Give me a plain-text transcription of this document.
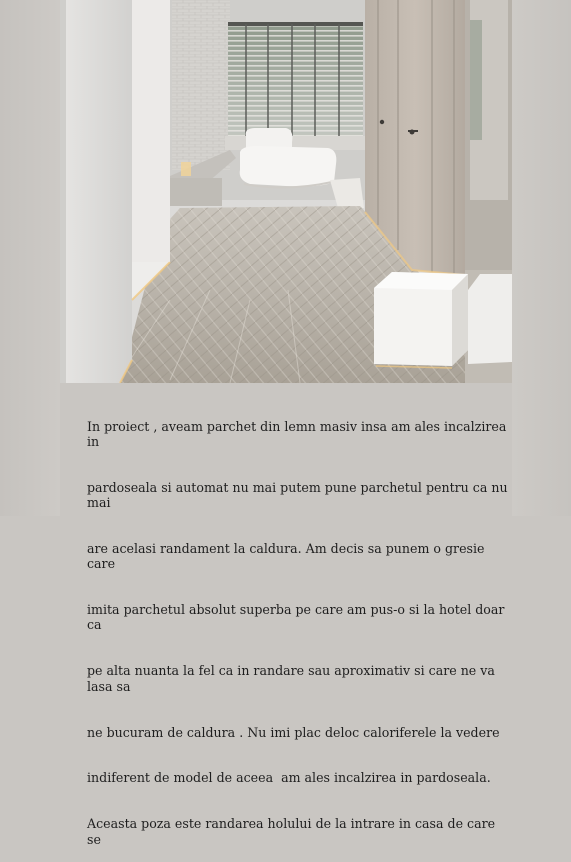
In proiect , aveam parchet din lemn masiv insa am ales incalzirea in

pardoseala si automat nu mai putem pune parchetul pentru ca nu mai

are acelasi randament la caldura. Am decis sa punem o gresie care

imita parchetul absolut superba pe care am pus-o si la hotel doar ca

pe alta nuanta la fel ca in randare sau aproximativ si care ne va lasa sa

ne bucuram de caldura . Nu imi plac deloc caloriferele la vedere

indiferent de model de aceea  am ales incalzirea in pardoseala.

Aceasta poza este randarea holului de la intrare in casa de care se
